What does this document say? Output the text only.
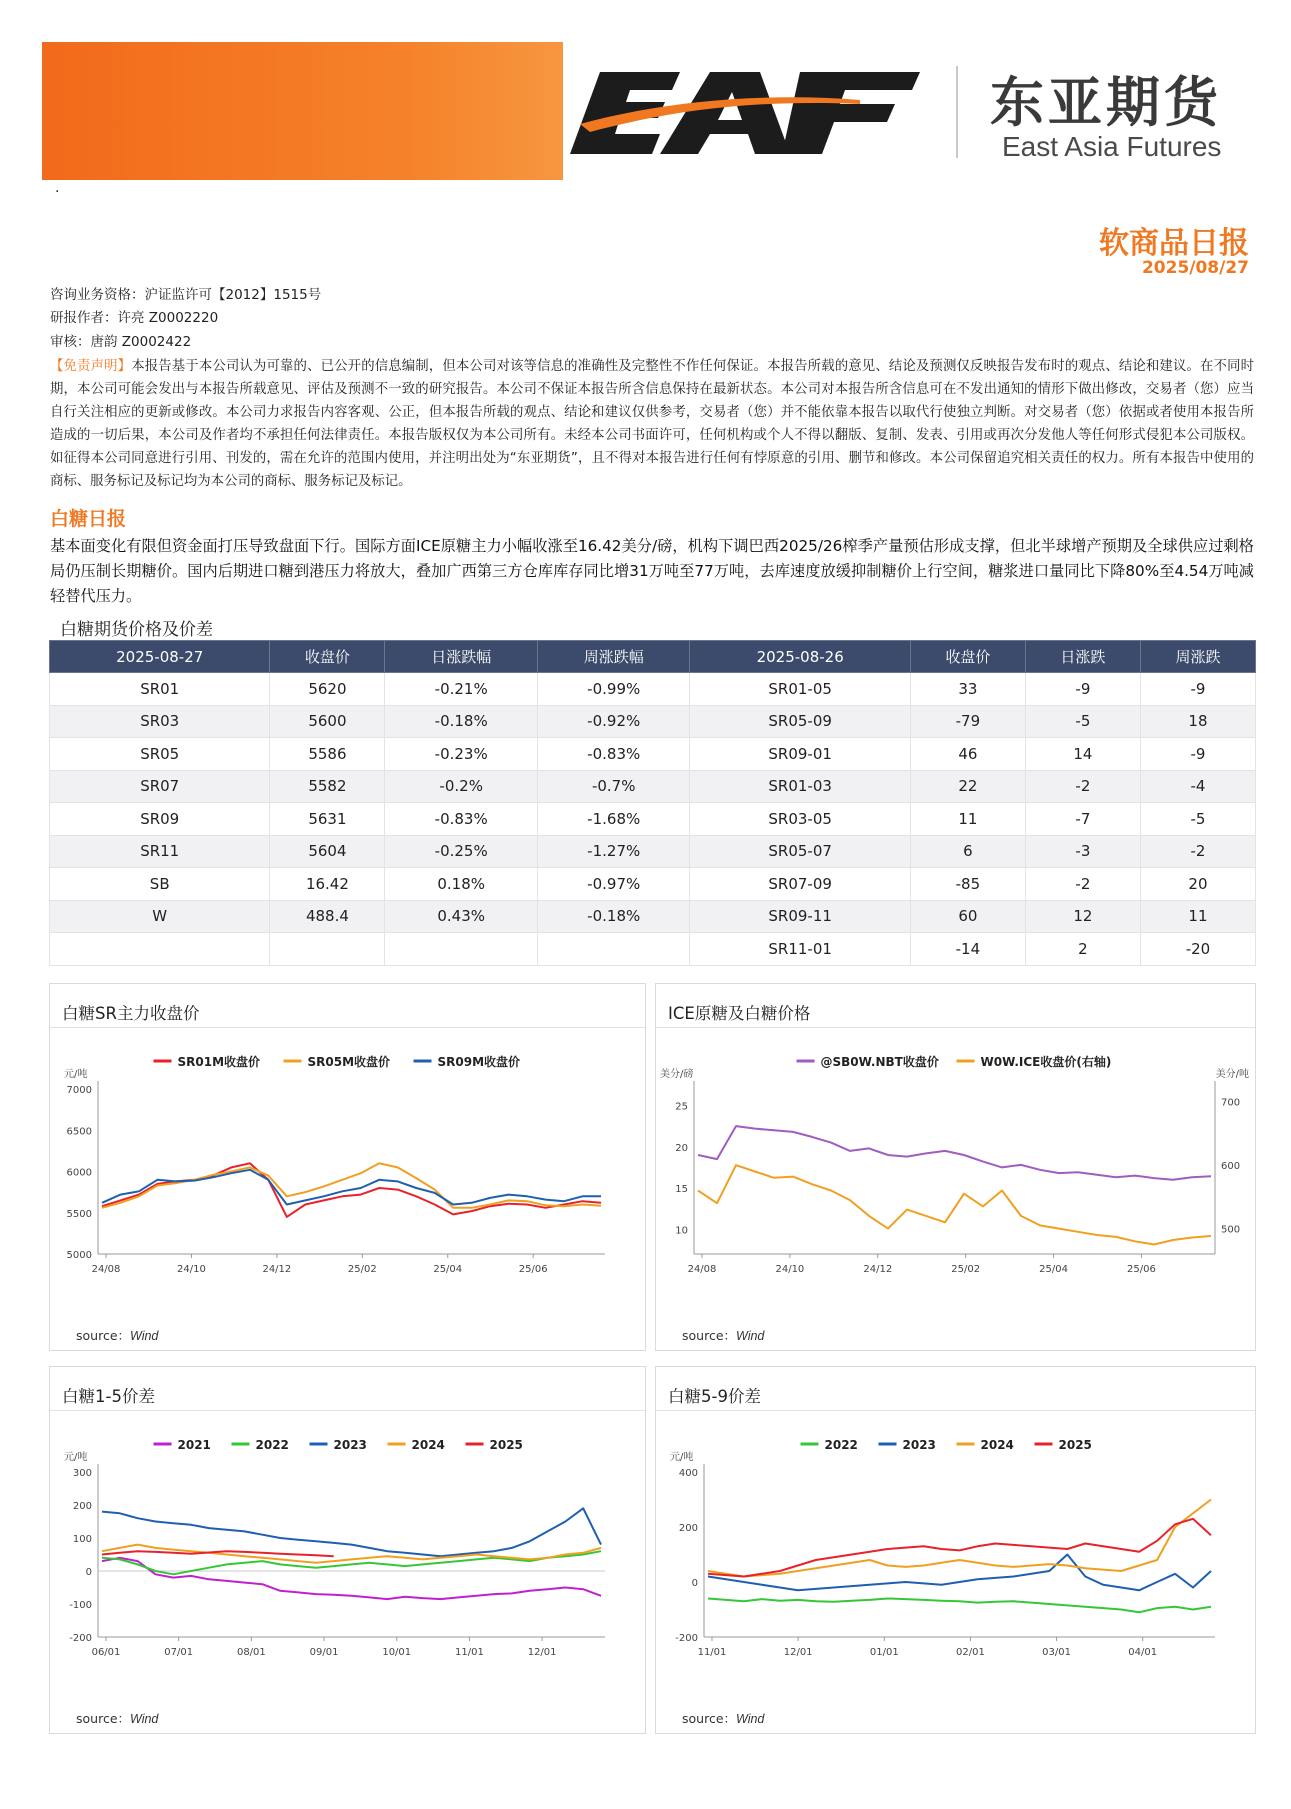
东亚期货
East Asia Futures
.
软商品日报
2025/08/27
咨询业务资格：沪证监许可【2012】1515号
研报作者：许亮 Z0002220
审核：唐韵 Z0002422
【免责声明】本报告基于本公司认为可靠的、已公开的信息编制，但本公司对该等信息的准确性及完整性不作任何保证。本报告所载的意见、结论及预测仅反映报告发布时的观点、结论和建议。在不同时期，本公司可能会发出与本报告所载意见、评估及预测不一致的研究报告。本公司不保证本报告所含信息保持在最新状态。本公司对本报告所含信息可在不发出通知的情形下做出修改，交易者（您）应当自行关注相应的更新或修改。本公司力求报告内容客观、公正，但本报告所载的观点、结论和建议仅供参考，交易者（您）并不能依靠本报告以取代行使独立判断。对交易者（您）依据或者使用本报告所造成的一切后果，本公司及作者均不承担任何法律责任。本报告版权仅为本公司所有。未经本公司书面许可，任何机构或个人不得以翻版、复制、发表、引用或再次分发他人等任何形式侵犯本公司版权。如征得本公司同意进行引用、刊发的，需在允许的范围内使用，并注明出处为“东亚期货”，且不得对本报告进行任何有悖原意的引用、删节和修改。本公司保留追究相关责任的权力。所有本报告中使用的商标、服务标记及标记均为本公司的商标、服务标记及标记。
白糖日报
基本面变化有限但资金面打压导致盘面下行。国际方面ICE原糖主力小幅收涨至16.42美分/磅，机构下调巴西2025/26榨季产量预估形成支撑，但北半球增产预期及全球供应过剩格局仍压制长期糖价。国内后期进口糖到港压力将放大，叠加广西第三方仓库库存同比增31万吨至77万吨，去库速度放缓抑制糖价上行空间，糖浆进口量同比下降80%至4.54万吨减轻替代压力。
白糖期货价格及价差
2025-08-27	收盘价	日涨跌幅	周涨跌幅	2025-08-26	收盘价	日涨跌	周涨跌
SR01	5620	-0.21%	-0.99%	SR01-05	33	-9	-9
SR03	5600	-0.18%	-0.92%	SR05-09	-79	-5	18
SR05	5586	-0.23%	-0.83%	SR09-01	46	14	-9
SR07	5582	-0.2%	-0.7%	SR01-03	22	-2	-4
SR09	5631	-0.83%	-1.68%	SR03-05	11	-7	-5
SR11	5604	-0.25%	-1.27%	SR05-07	6	-3	-2
SB	16.42	0.18%	-0.97%	SR07-09	-85	-2	20
W	488.4	0.43%	-0.18%	SR09-11	60	12	11
				SR11-01	-14	2	-20
白糖SR主力收盘价
元/吨
7000
6500
6000
5500
5000
24/08	24/10	24/12	25/02	25/04	25/06
SR01M收盘价	SR05M收盘价	SR09M收盘价
source：Wind
ICE原糖及白糖价格
美分/磅	美分/吨
25
20
15
10
700
600
500
24/08	24/10	24/12	25/02	25/04	25/06
@SB0W.NBT收盘价	W0W.ICE收盘价(右轴)
source：Wind
白糖1-5价差
元/吨
300
200
100
0
-100
-200
06/01	07/01	08/01	09/01	10/01	11/01	12/01
2021	2022	2023	2024	2025
source：Wind
白糖5-9价差
元/吨
400
200
0
-200
11/01	12/01	01/01	02/01	03/01	04/01
2022	2023	2024	2025
source：Wind
